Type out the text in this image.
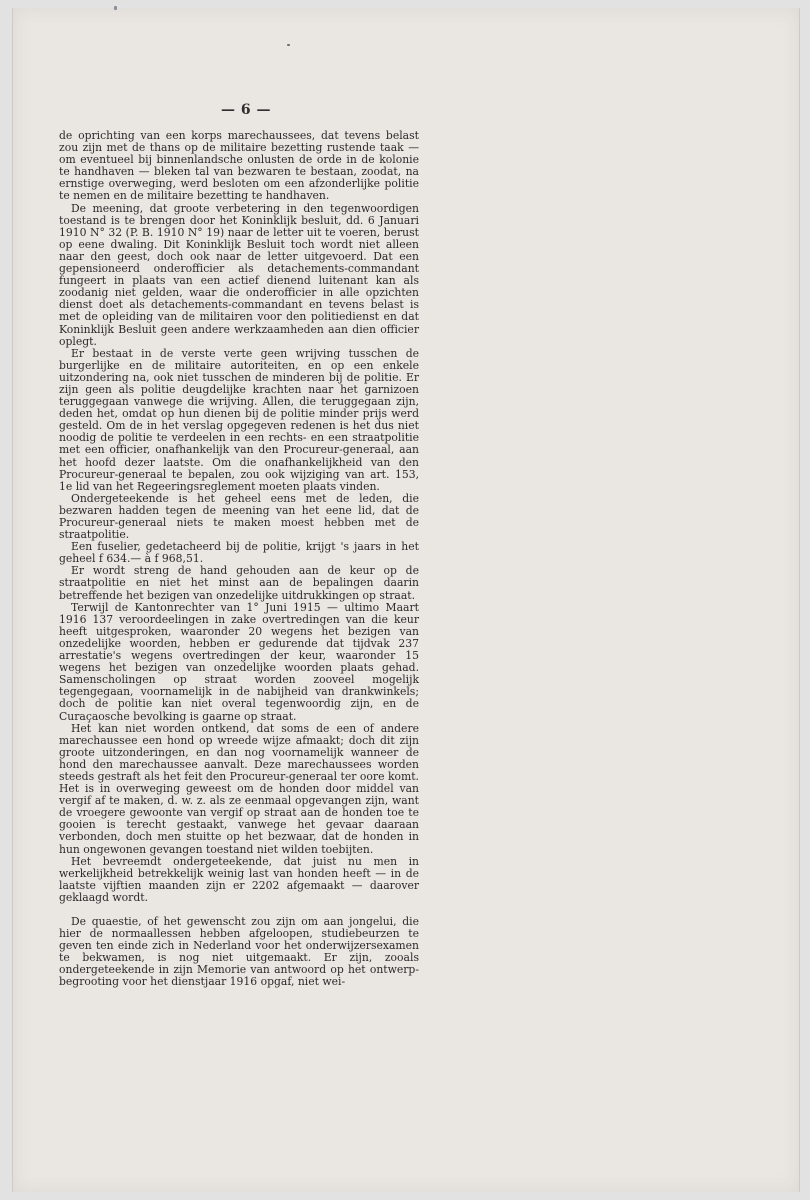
— 6 —

de oprichting van een korps marechaussees, dat tevens belast zou zijn met de thans op de militaire bezetting rustende taak — om eventueel bij binnenlandsche onlusten de orde in de kolonie te handhaven — bleken tal van bezwaren te bestaan, zoodat, na ernstige overweging, werd besloten om een afzonderlijke politie te nemen en de militaire bezetting te handhaven.

De meening, dat groote verbetering in den tegenwoordigen toestand is te brengen door het Koninklijk besluit, dd. 6 Januari 1910 N° 32 (P. B. 1910 N° 19) naar de letter uit te voeren, berust op eene dwaling. Dit Koninklijk Besluit toch wordt niet alleen naar den geest, doch ook naar de letter uitgevoerd. Dat een gepensioneerd onderofficier als detachements-commandant fungeert in plaats van een actief dienend luitenant kan als zoodanig niet gelden, waar die onderofficier in alle opzichten dienst doet als detachements-commandant en tevens belast is met de opleiding van de militairen voor den politiedienst en dat Koninklijk Besluit geen andere werkzaamheden aan dien officier oplegt.

Er bestaat in de verste verte geen wrijving tusschen de burgerlijke en de militaire autoriteiten, en op een enkele uitzondering na, ook niet tusschen de minderen bij de politie. Er zijn geen als politie deugdelijke krachten naar het garnizoen teruggegaan vanwege die wrijving. Allen, die teruggegaan zijn, deden het, omdat op hun dienen bij de politie minder prijs werd gesteld. Om de in het verslag opgegeven redenen is het dus niet noodig de politie te verdeelen in een rechts- en een straatpolitie met een officier, onafhankelijk van den Procureur-generaal, aan het hoofd dezer laatste. Om die onafhankelijkheid van den Procureur-generaal te bepalen, zou ook wijziging van art. 153, 1e lid van het Regeeringsreglement moeten plaats vinden.

Ondergeteekende is het geheel eens met de leden, die bezwaren hadden tegen de meening van het eene lid, dat de Procureur-generaal niets te maken moest hebben met de straatpolitie.

Een fuselier, gedetacheerd bij de politie, krijgt 's jaars in het geheel f 634.— à f 968,51.

Er wordt streng de hand gehouden aan de keur op de straatpolitie en niet het minst aan de bepalingen daarin betreffende het bezigen van onzedelijke uitdrukkingen op straat.

Terwijl de Kantonrechter van 1° Juni 1915 — ultimo Maart 1916 137 veroordeelingen in zake overtredingen van die keur heeft uitgesproken, waaronder 20 wegens het bezigen van onzedelijke woorden, hebben er gedurende dat tijdvak 237 arrestatie's wegens overtredingen der keur, waaronder 15 wegens het bezigen van onzedelijke woorden plaats gehad. Samenscholingen op straat worden zooveel mogelijk tegengegaan, voornamelijk in de nabijheid van drankwinkels; doch de politie kan niet overal tegenwoordig zijn, en de Curaçaosche bevolking is gaarne op straat.

Het kan niet worden ontkend, dat soms de een of andere marechaussee een hond op wreede wijze afmaakt; doch dit zijn groote uitzonderingen, en dan nog voornamelijk wanneer de hond den marechaussee aanvalt. Deze marechaussees worden steeds gestraft als het feit den Procureur-generaal ter oore komt. Het is in overweging geweest om de honden door middel van vergif af te maken, d. w. z. als ze eenmaal opgevangen zijn, want de vroegere gewoonte van vergif op straat aan de honden toe te gooien is terecht gestaakt, vanwege het gevaar daaraan verbonden, doch men stuitte op het bezwaar, dat de honden in hun ongewonen gevangen toestand niet wilden toebijten.

Het bevreemdt ondergeteekende, dat juist nu men in werkelijkheid betrekkelijk weinig last van honden heeft — in de laatste vijftien maanden zijn er 2202 afgemaakt — daarover geklaagd wordt.

De quaestie, of het gewenscht zou zijn om aan jongelui, die hier de normaallessen hebben afgeloopen, studiebeurzen te geven ten einde zich in Nederland voor het onderwijzersexamen te bekwamen, is nog niet uitgemaakt. Er zijn, zooals ondergeteekende in zijn Memorie van antwoord op het ontwerp-begrooting voor het dienstjaar 1916 opgaf, niet wei-
